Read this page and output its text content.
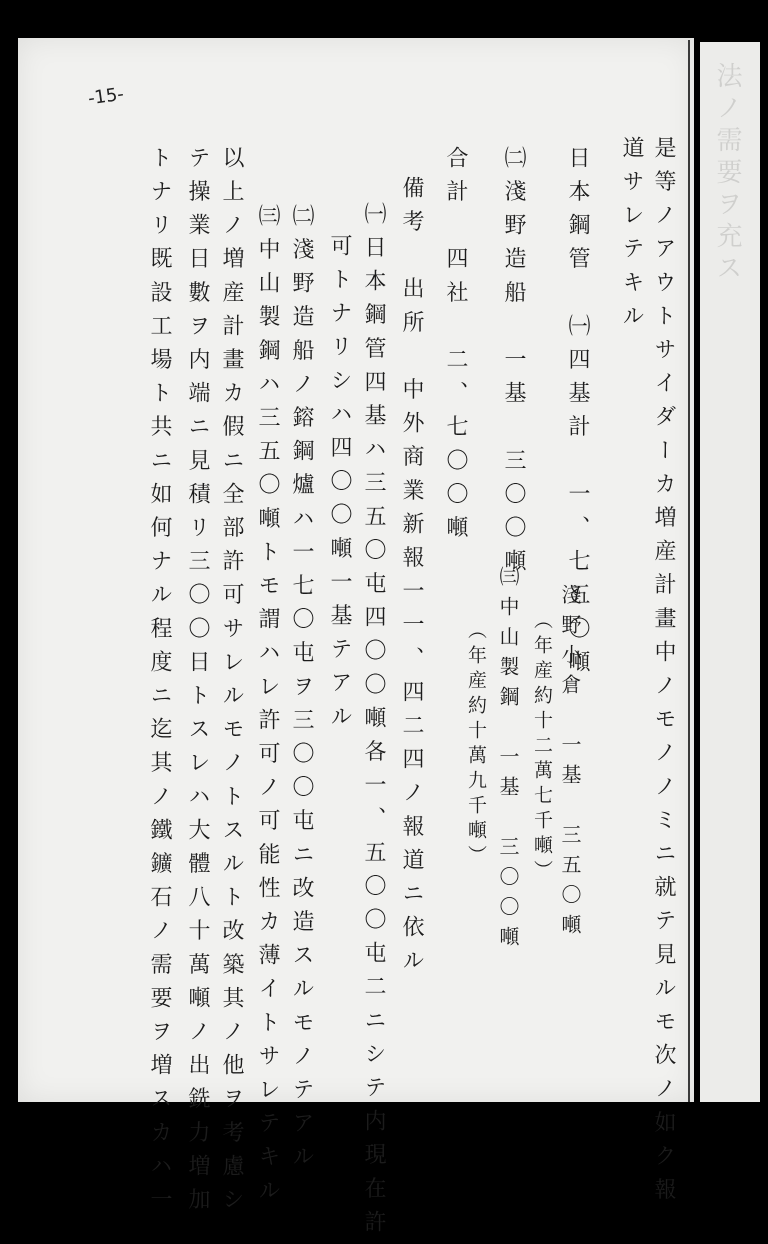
法ノ需要ヲ充ス
-15-
是等ノアウトサイダーカ増産計畫中ノモノノミニ就テ見ルモ次ノ如ク報
道サレテキル
日本鋼管　㈠四基計　一、七五〇噸
淺野小倉　一基　三五〇噸
（年産約十二萬七千噸）
㈡淺野造船　一基　三〇〇噸
㈢中山製鋼　一基　三〇〇噸
（年産約十萬九千噸）
合計　四社　二、七〇〇噸
備考　出所　中外商業新報一一、四二四ノ報道ニ依ル
㈠日本鋼管四基ハ三五〇屯四〇〇噸各一、五〇〇屯二ニシテ内現在許
可トナリシハ四〇〇噸一基テアル
㈡淺野造船ノ鎔鋼爐ハ一七〇屯ヲ三〇〇屯ニ改造スルモノテアル
㈢中山製鋼ハ三五〇噸トモ謂ハレ許可ノ可能性カ薄イトサレテキル
以上ノ増産計畫カ假ニ全部許可サレルモノトスルト改築其ノ他ヲ考慮シ
テ操業日數ヲ内端ニ見積リ三〇〇日トスレハ大體八十萬噸ノ出銑力増加
トナリ既設工場ト共ニ如何ナル程度ニ迄其ノ鐵鑛石ノ需要ヲ増スカハ一
